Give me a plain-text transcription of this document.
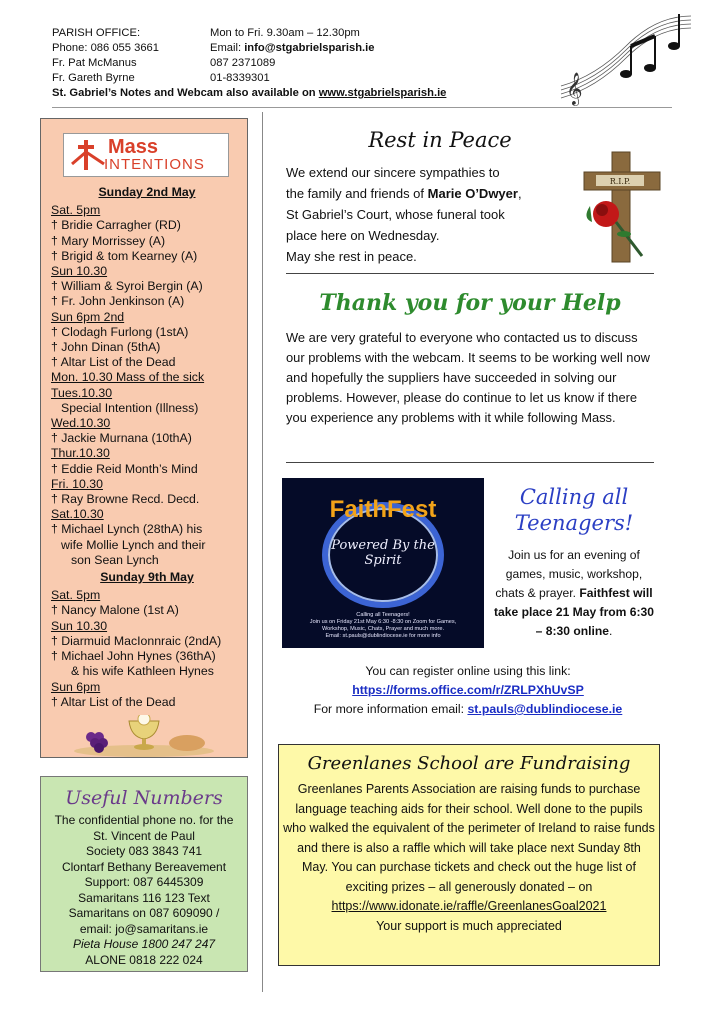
PARISH OFFICE:	Mon to Fri. 9.30am – 12.30pm
Phone: 086 055 3661	Email: info@stgabrielsparish.ie
Fr. Pat McManus	087 2371089
Fr. Gareth Byrne	01-8339301
St. Gabriel’s Notes and Webcam also available on www.stgabrielsparish.ie	𝄞
Mass
INTENTIONS
Sunday 2nd May
Sat. 5pm
† Bridie Carragher (RD)
† Mary Morrissey (A)
† Brigid & tom Kearney (A)
Sun 10.30
† William & Syroi Bergin (A)
† Fr. John Jenkinson (A)
Sun 6pm 2nd
† Clodagh Furlong (1stA)
† John Dinan (5thA)
† Altar List of the Dead
Mon. 10.30 Mass of the sick
Tues.10.30
Special Intention (Illness)
Wed.10.30
† Jackie Murnana (10thA)
Thur.10.30
† Eddie Reid Month’s Mind
Fri. 10.30
† Ray Browne Recd. Decd.
Sat.10.30
† Michael Lynch (28thA) his
wife Mollie Lynch and their
son Sean Lynch
Sunday 9th May
Sat. 5pm
† Nancy Malone (1st A)
Sun 10.30
† Diarmuid MacIonnraic (2ndA)
† Michael John Hynes (36thA)
& his wife Kathleen Hynes
Sun 6pm
† Altar List of the Dead
Useful Numbers
The confidential phone no. for the
St. Vincent de Paul
Society 083 3843 741
Clontarf Bethany Bereavement
Support: 087 6445309
Samaritans 116 123 Text
Samaritans on 087 609090 /
email: jo@samaritans.ie
Pieta House 1800 247 247
ALONE 0818 222 024
Rest in Peace
We extend our sincere sympathies to
the family and friends of Marie O’Dwyer,
St Gabriel’s Court, whose funeral took
place here on Wednesday.
May she rest in peace.
R.I.P.
Thank you for your Help
We are very grateful to everyone who contacted us to discuss our problems with the webcam. It seems to be working well now and hopefully the suppliers have succeeded in solving our problems. However, please do continue to let us know if there you experience any problems with it while following Mass.
FaithFest
Powered By the Spirit
Calling all Teenagers!
Join us on Friday 21st May 6:30 -8:30 on Zoom for Games,
Workshop, Music, Chats, Prayer and much more.
Email: st.pauls@dublindiocese.ie for more info
Calling all Teenagers!
Join us for an evening of games, music, workshop, chats & prayer. Faithfest will take place 21 May from 6:30 – 8:30 online.
You can register online using this link:
https://forms.office.com/r/ZRLPXhUvSP
For more information email: st.pauls@dublindiocese.ie
Greenlanes School are Fundraising
Greenlanes Parents Association are raising funds to purchase language teaching aids for their school. Well done to the pupils who walked the equivalent of the perimeter of Ireland to raise funds and there is also a raffle which will take place next Sunday 8th May. You can purchase tickets and check out the huge list of exciting prizes – all generously donated – on https://www.idonate.ie/raffle/GreenlanesGoal2021
Your support is much appreciated
